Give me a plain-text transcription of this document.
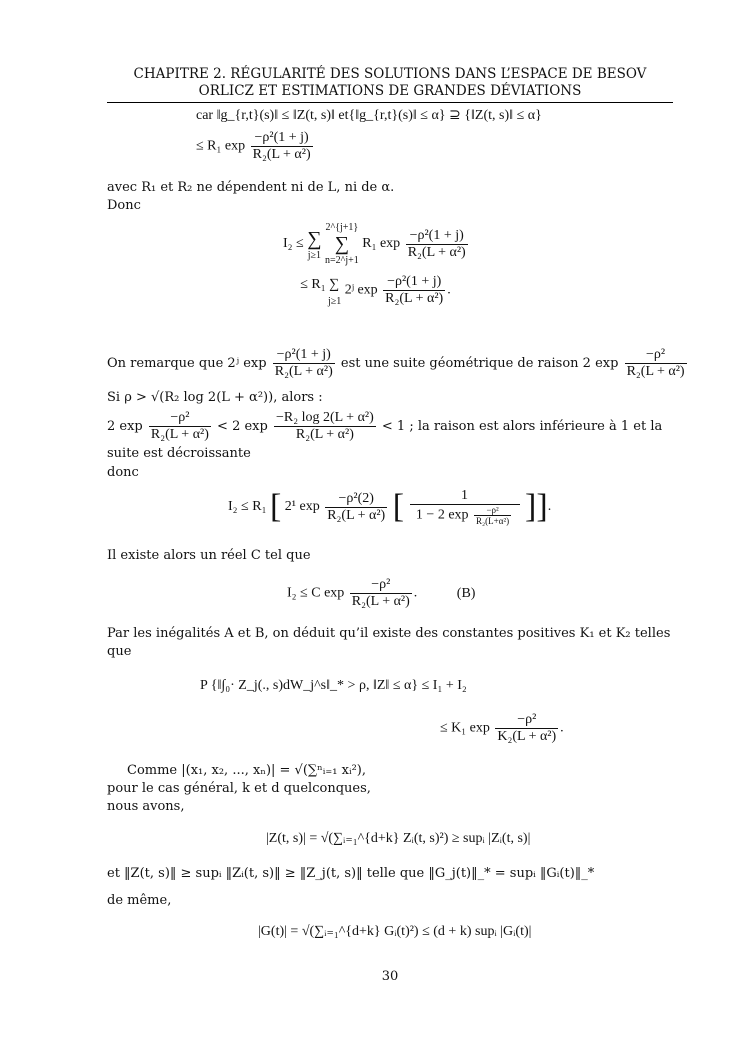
CHAPITRE 2. RÉGULARITÉ DES SOLUTIONS DANS L’ESPACE DE BESOV
ORLICZ ET ESTIMATIONS DE GRANDES DÉVIATIONS
car ‖g_{r,t}(s)‖ ≤ ‖Z(t, s)‖ et{‖g_{r,t}(s)‖ ≤ α} ⊇ {‖Z(t, s)‖ ≤ α}
≤ R₁ $\exp \frac{\text{−ρ²(1 + j)}}{\text{R₂(L + α²)}}$
avec R₁ et R₂ ne dépendent ni de L, ni de α.
Donc
I₂ ≤ ∑
j≥1

2^{j+1}
∑
n=2^j+1
R₁ $\exp \frac{\text{−ρ²(1 + j)}}{\text{R₂(L + α²)}}$
≤ R₁ ∑
j≥1
2ʲ $\exp \frac{\text{−ρ²(1 + j)}}{\text{R₂(L + α²)}}$ .
On remarque que 2ʲ $\exp \frac{\text{−ρ²(1 + j)}}{\text{R₂(L + α²)}}$ est une suite géométrique de raison 2 $\exp \frac{\text{−ρ²}}{\text{R₂(L + α²)}}$
Si ρ > √(R₂ log 2(L + α²)), alors :
2 $\exp \frac{\text{−ρ²}}{\text{R₂(L + α²)}} < 2$ $\exp \frac{\text{−R₂ log 2(L + α²)}}{\text{R₂(L + α²)}} < 1$ ; la raison est alors inférieure à 1 et la
suite est décroissante
donc
I₂ ≤ R₁ [ 2¹ $\exp \frac{\text{−ρ²(2)}}{\text{R₂(L + α²)}}$ [ $\frac{1}{1 - 2 \exp \frac{\text{−ρ²}}{\text{R₂(L+α²)}}}$ ]].
Il existe alors un réel C tel que
I₂ ≤ C $\exp \frac{\text{−ρ²}}{\text{R₂(L + α²)}}$ .	(B)
Par les inégalités A et B, on déduit qu’il existe des constantes positives K₁ et K₂ telles
que
P {‖∫₀· Z_j(., s)dW_j^s‖_* > ρ, ‖Z‖ ≤ α} ≤ I₁ + I₂
≤ K₁ $\exp \frac{\text{−ρ²}}{\text{K₂(L + α²)}}$ .
Comme |(x₁, x₂, ..., xₙ)| = √(∑ⁿᵢ₌₁ xᵢ²),
pour le cas général, k et d quelconques,
nous avons,
|Z(t, s)| = √(∑ᵢ₌₁^{d+k} Zᵢ(t, s)²) ≥ supᵢ |Zᵢ(t, s)|
et ‖Z(t, s)‖ ≥ supᵢ ‖Zᵢ(t, s)‖ ≥ ‖Z_j(t, s)‖ telle que ‖G_j(t)‖_* = supᵢ ‖Gᵢ(t)‖_*
de même,
|G(t)| = √(∑ᵢ₌₁^{d+k} Gᵢ(t)²) ≤ (d + k) supᵢ |Gᵢ(t)|
30
